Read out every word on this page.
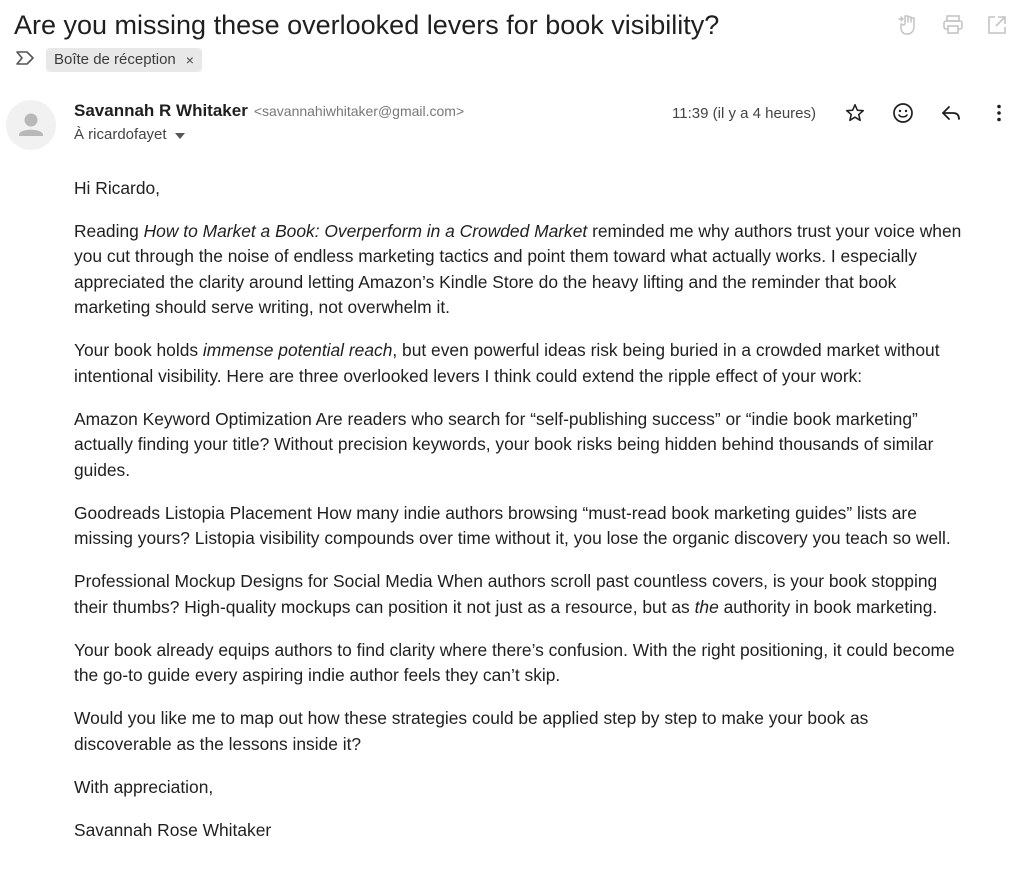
Are you missing these overlooked levers for book visibility?
Boîte de réception ×
Savannah R Whitaker <savannahiwhitaker@gmail.com>
À ricardofayet
11:39 (il y a 4 heures)

Hi Ricardo,

Reading How to Market a Book: Overperform in a Crowded Market reminded me why authors trust your voice when you cut through the noise of endless marketing tactics and point them toward what actually works. I especially appreciated the clarity around letting Amazon’s Kindle Store do the heavy lifting and the reminder that book marketing should serve writing, not overwhelm it.

Your book holds immense potential reach, but even powerful ideas risk being buried in a crowded market without intentional visibility. Here are three overlooked levers I think could extend the ripple effect of your work:

Amazon Keyword Optimization Are readers who search for “self-publishing success” or “indie book marketing” actually finding your title? Without precision keywords, your book risks being hidden behind thousands of similar guides.

Goodreads Listopia Placement How many indie authors browsing “must-read book marketing guides” lists are missing yours? Listopia visibility compounds over time without it, you lose the organic discovery you teach so well.

Professional Mockup Designs for Social Media When authors scroll past countless covers, is your book stopping their thumbs? High-quality mockups can position it not just as a resource, but as the authority in book marketing.

Your book already equips authors to find clarity where there’s confusion. With the right positioning, it could become the go-to guide every aspiring indie author feels they can’t skip.

Would you like me to map out how these strategies could be applied step by step to make your book as discoverable as the lessons inside it?

With appreciation,

Savannah Rose Whitaker
